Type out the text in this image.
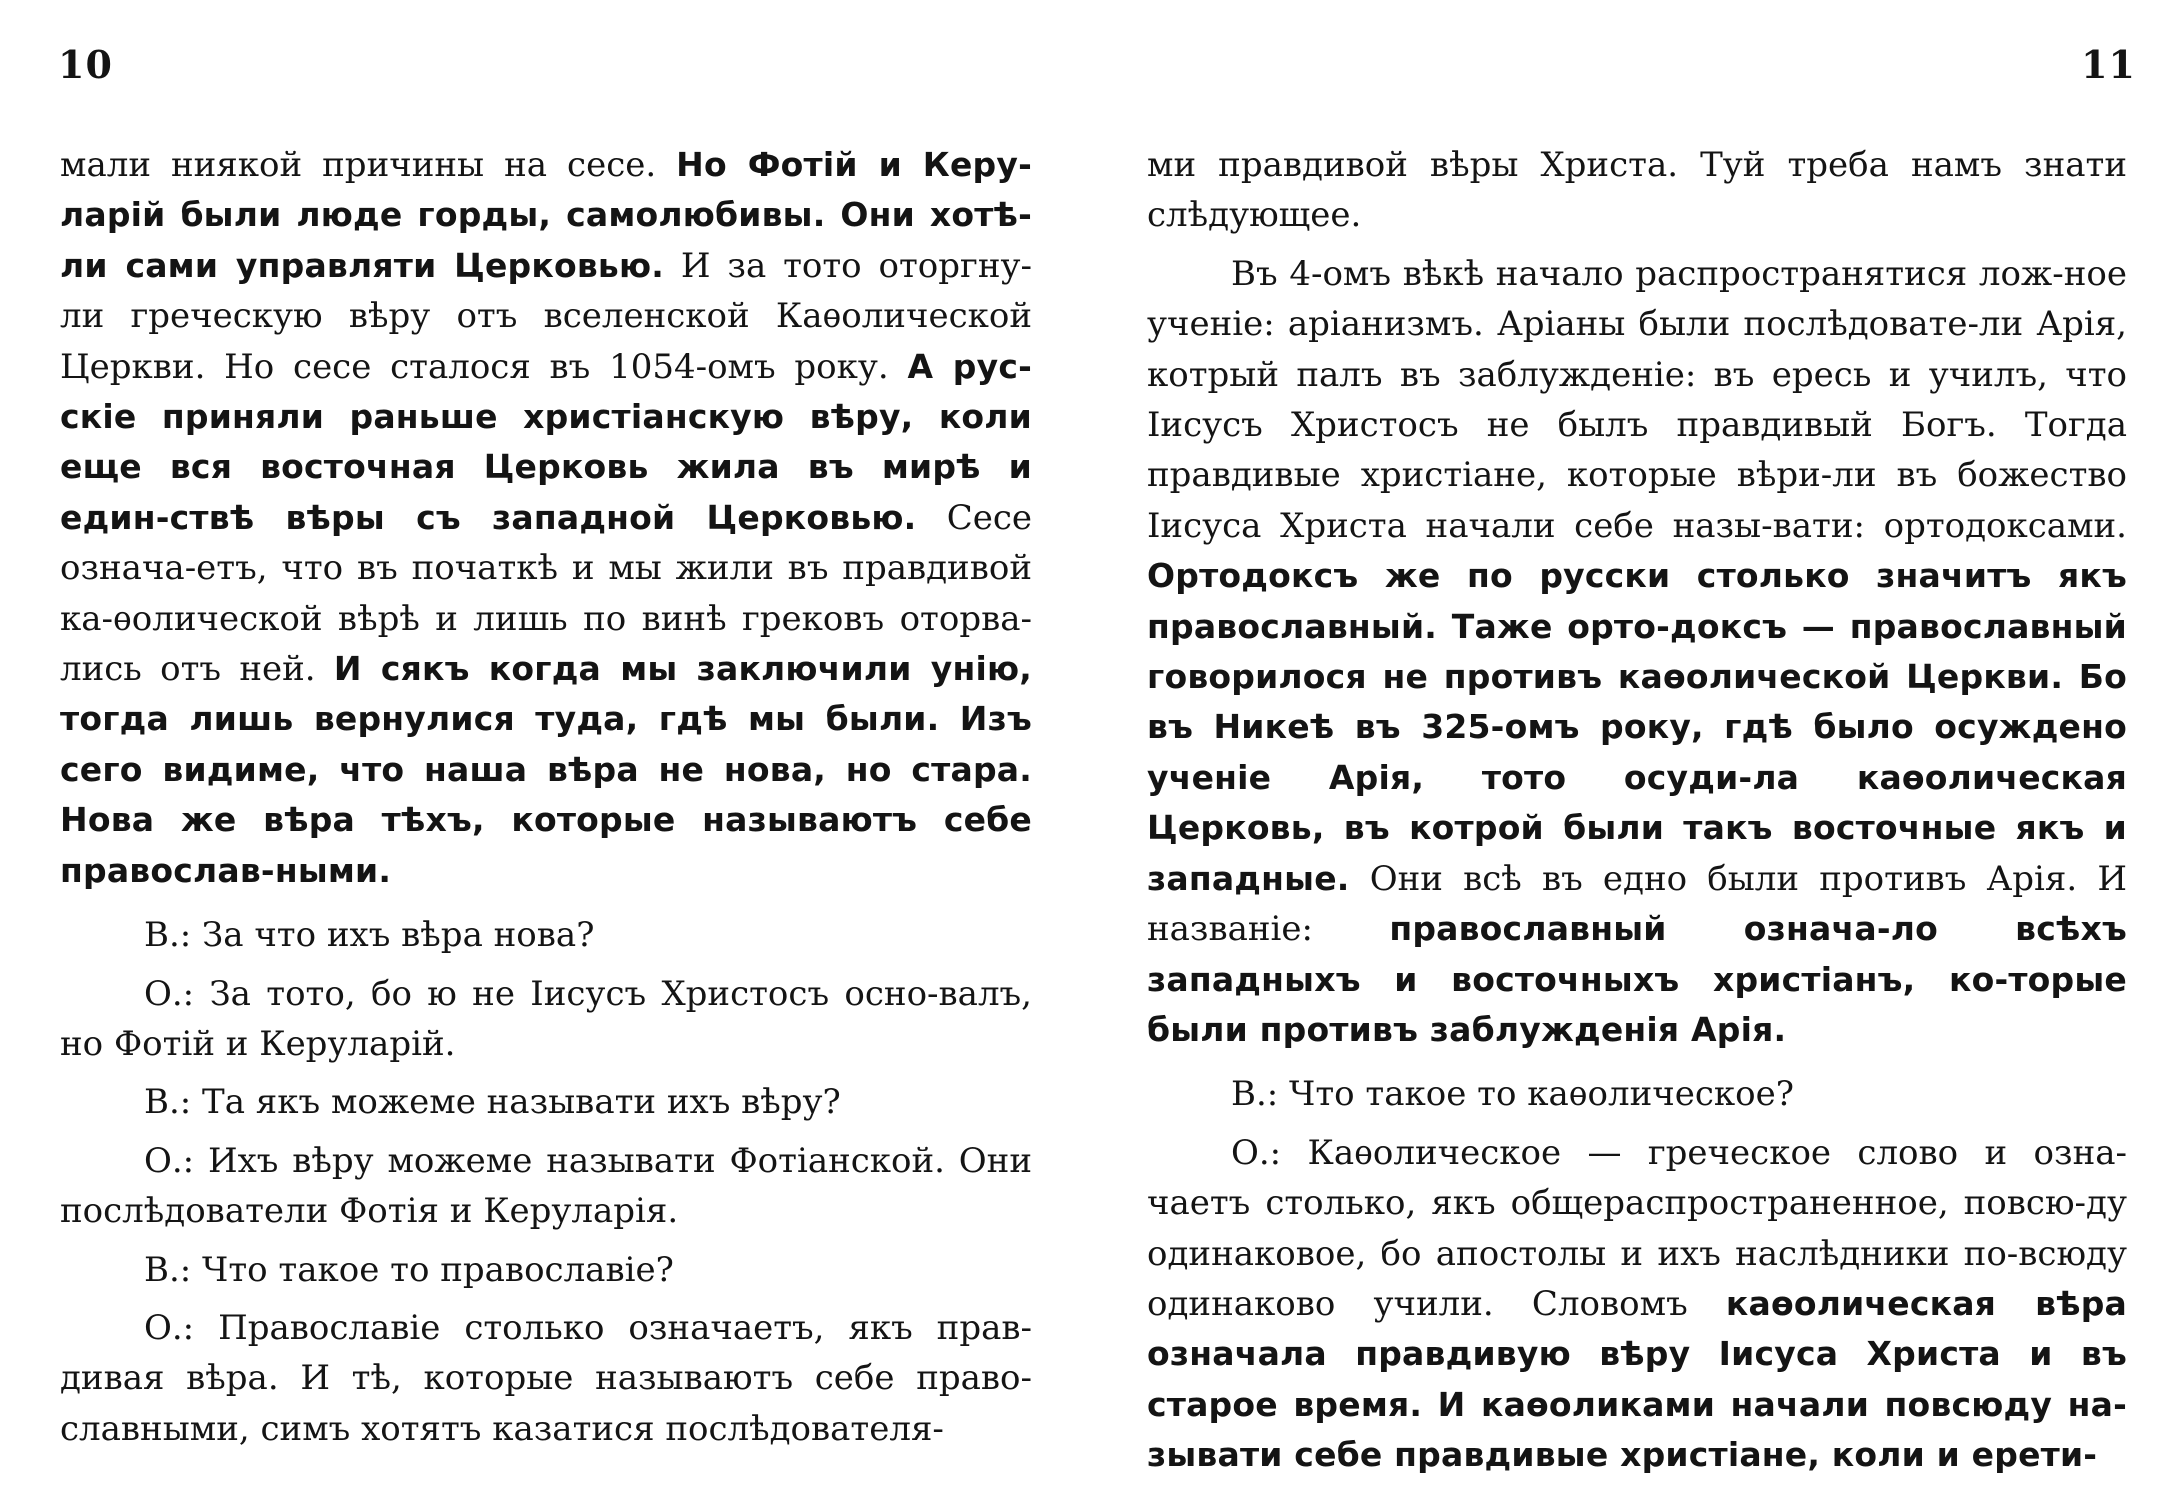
10

мали ниякой причины на сесе. Но Фотій и Керу-ларій были люде горды, самолюбивы. Они хотѣ-ли сами управляти Церковью. И за тото оторгну-ли греческую вѣру отъ вселенской Каѳолической Церкви. Но сесе сталося въ 1054-омъ року. А рус-скіе приняли раньше христіанскую вѣру, коли еще вся восточная Церковь жила въ мирѣ и един-ствѣ вѣры съ западной Церковью. Сесе означа-етъ, что въ початкѣ и мы жили въ правдивой ка-ѳолической вѣрѣ и лишь по винѣ грековъ оторва-лись отъ ней. И сякъ когда мы заключили унію, тогда лишь вернулися туда, гдѣ мы были. Изъ сего видиме, что наша вѣра не нова, но стара. Нова же вѣра тѣхъ, которые называютъ себе православ-ными.

В.: За что ихъ вѣра нова?

О.: За тото, бо ю не Іисусъ Христосъ осно-валъ, но Фотій и Керуларій.

В.: Та якъ можеме называти ихъ вѣру?

О.: Ихъ вѣру можеме называти Фотіанской. Они послѣдователи Фотія и Керуларія.

В.: Что такое то православіе?

О.: Православіе столько означаетъ, якъ прав-дивая вѣра. И тѣ, которые называютъ себе право-славными, симъ хотятъ казатися послѣдователя-

11

ми правдивой вѣры Христа. Туй треба намъ знати слѣдующее.

Въ 4-омъ вѣкѣ начало распространятися лож-ное ученіе: аріанизмъ. Аріаны были послѣдовате-ли Арія, котрый палъ въ заблужденіе: въ ересь и училъ, что Іисусъ Христосъ не былъ правдивый Богъ. Тогда правдивые христіане, которые вѣри-ли въ божество Іисуса Христа начали себе назы-вати: ортодоксами. Ортодоксъ же по русски столько значитъ якъ православный. Таже орто-доксъ — православный говорилося не противъ каѳолической Церкви. Бо въ Никеѣ въ 325-омъ року, гдѣ было осуждено ученіе Арія, тото осуди-ла каѳолическая Церковь, въ котрой были такъ восточные якъ и западные. Они всѣ въ едно были противъ Арія. И названіе: православный означа-ло всѣхъ западныхъ и восточныхъ христіанъ, ко-торые были противъ заблужденія Арія.

В.: Что такое то каѳолическое?

О.: Каѳолическое — греческое слово и озна-чаетъ столько, якъ общераспространенное, повсю-ду одинаковое, бо апостолы и ихъ наслѣдники по-всюду одинаково учили. Словомъ каѳолическая вѣра означала правдивую вѣру Іисуса Христа и въ старое время. И каѳоликами начали повсюду на-зывати себе правдивые христіане, коли и ерети-
